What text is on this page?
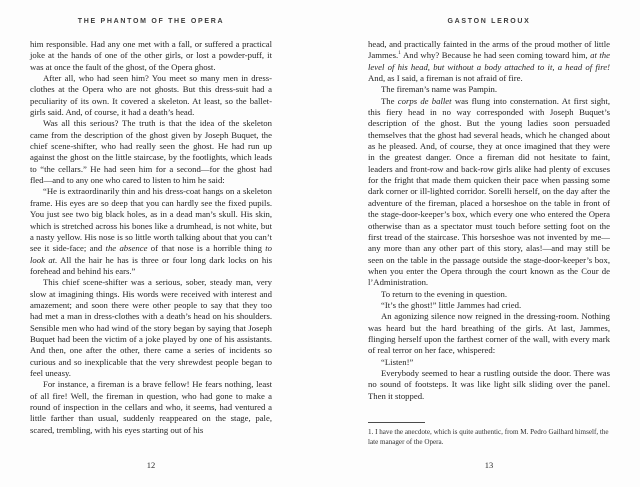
THE PHANTOM OF THE OPERA

him responsible. Had any one met with a fall, or suffered a practical joke at the hands of one of the other girls, or lost a powder-puff, it was at once the fault of the ghost, of the Opera ghost.

After all, who had seen him? You meet so many men in dress-clothes at the Opera who are not ghosts. But this dress-suit had a peculiarity of its own. It covered a skeleton. At least, so the ballet-girls said. And, of course, it had a death’s head.

Was all this serious? The truth is that the idea of the skeleton came from the description of the ghost given by Joseph Buquet, the chief scene-shifter, who had really seen the ghost. He had run up against the ghost on the little staircase, by the footlights, which leads to “the cellars.” He had seen him for a second—for the ghost had fled—and to any one who cared to listen to him he said:

“He is extraordinarily thin and his dress-coat hangs on a skeleton frame. His eyes are so deep that you can hardly see the fixed pupils. You just see two big black holes, as in a dead man’s skull. His skin, which is stretched across his bones like a drumhead, is not white, but a nasty yellow. His nose is so little worth talking about that you can’t see it side-face; and the absence of that nose is a horrible thing to look at. All the hair he has is three or four long dark locks on his forehead and behind his ears.”

This chief scene-shifter was a serious, sober, steady man, very slow at imagining things. His words were received with interest and amazement; and soon there were other people to say that they too had met a man in dress-clothes with a death’s head on his shoulders. Sensible men who had wind of the story began by saying that Joseph Buquet had been the victim of a joke played by one of his assistants. And then, one after the other, there came a series of incidents so curious and so inexplicable that the very shrewdest people began to feel uneasy.

For instance, a fireman is a brave fellow! He fears nothing, least of all fire! Well, the fireman in question, who had gone to make a round of inspection in the cellars and who, it seems, had ventured a little farther than usual, suddenly reappeared on the stage, pale, scared, trembling, with his eyes starting out of his

12
GASTON LEROUX

head, and practically fainted in the arms of the proud mother of little Jammes.$^1$ And why? Because he had seen coming toward him, at the level of his head, but without a body attached to it, a head of fire! And, as I said, a fireman is not afraid of fire.

The fireman’s name was Pampin.

The corps de ballet was flung into consternation. At first sight, this fiery head in no way corresponded with Joseph Buquet’s description of the ghost. But the young ladies soon persuaded themselves that the ghost had several heads, which he changed about as he pleased. And, of course, they at once imagined that they were in the greatest danger. Once a fireman did not hesitate to faint, leaders and front-row and back-row girls alike had plenty of excuses for the fright that made them quicken their pace when passing some dark corner or ill-lighted corridor. Sorelli herself, on the day after the adventure of the fireman, placed a horseshoe on the table in front of the stage-door-keeper’s box, which every one who entered the Opera otherwise than as a spectator must touch before setting foot on the first tread of the staircase. This horseshoe was not invented by me—any more than any other part of this story, alas!—and may still be seen on the table in the passage outside the stage-door-keeper’s box, when you enter the Opera through the court known as the Cour de l’Administration.

To return to the evening in question.

“It’s the ghost!” little Jammes had cried.

An agonizing silence now reigned in the dressing-room. Nothing was heard but the hard breathing of the girls. At last, Jammes, flinging herself upon the farthest corner of the wall, with every mark of real terror on her face, whispered:

“Listen!”

Everybody seemed to hear a rustling outside the door. There was no sound of footsteps. It was like light silk sliding over the panel. Then it stopped.

1. I have the anecdote, which is quite authentic, from M. Pedro Gailhard himself, the late manager of the Opera.

13
